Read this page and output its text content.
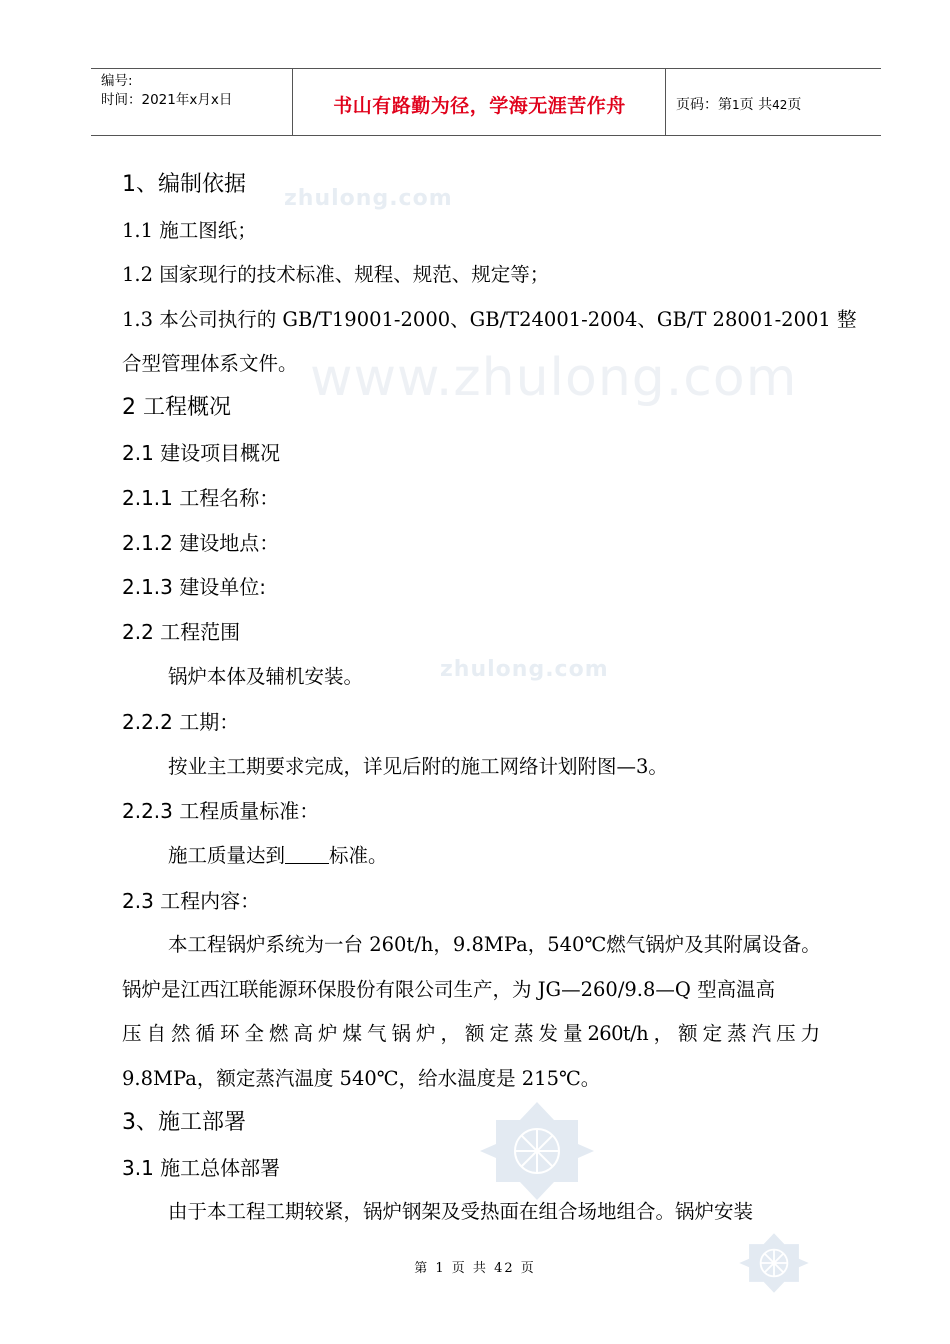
编号:
时间：2021年x月x日	书山有路勤为径，学海无涯苦作舟	页码：第1页 共42页
zhulong.com
www.zhulong.com
zhulong.com
1、编制依据
1.1 施工图纸；
1.2 国家现行的技术标准、规程、规范、规定等；
1.3 本公司执行的 GB/T19001-2000、GB/T24001-2004、GB/T 28001-2001 整
合型管理体系文件。
2 工程概况
2.1 建设项目概况
2.1.1 工程名称：
2.1.2 建设地点：
2.1.3 建设单位:
2.2 工程范围
锅炉本体及辅机安装。
2.2.2 工期：
按业主工期要求完成，详见后附的施工网络计划附图—3。
2.2.3 工程质量标准：
施工质量达到 标准。
2.3 工程内容：
本工程锅炉系统为一台 260t/h，9.8MPa，540℃燃气锅炉及其附属设备。
锅炉是江西江联能源环保股份有限公司生产，为 JG—260/9.8—Q 型高温高
压 自 然 循 环 全 燃 高 炉 煤 气 锅 炉 ， 额 定 蒸 发 量 260t/h ， 额 定 蒸 汽 压 力
9.8MPa，额定蒸汽温度 540℃，给水温度是 215℃。
3、施工部署
3.1 施工总体部署
由于本工程工期较紧，锅炉钢架及受热面在组合场地组合。锅炉安装
第 1 页 共 42 页
